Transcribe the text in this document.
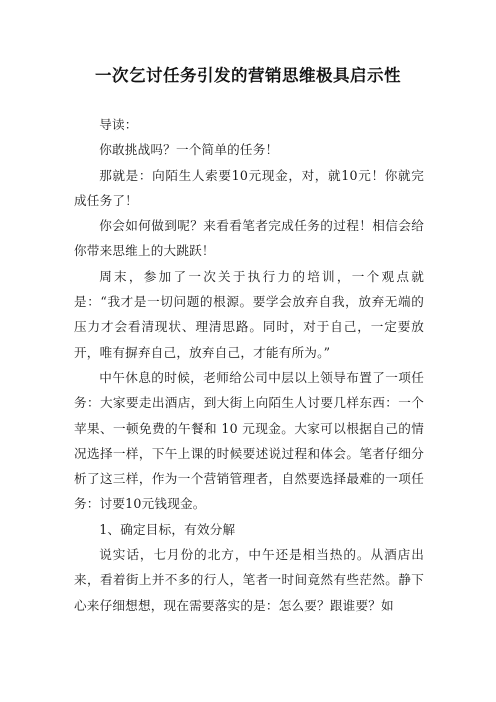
一次乞讨任务引发的营销思维极具启示性

导读：

你敢挑战吗？一个简单的任务！

那就是：向陌生人索要10元现金，对，就10元！你就完成任务了！

你会如何做到呢？来看看笔者完成任务的过程！相信会给你带来思维上的大跳跃！

周末，参加了一次关于执行力的培训，一个观点就是：“我才是一切问题的根源。要学会放弃自我，放弃无端的压力才会看清现状、理清思路。同时，对于自己，一定要放开，唯有摒弃自己，放弃自己，才能有所为。”

中午休息的时候，老师给公司中层以上领导布置了一项任务：大家要走出酒店，到大街上向陌生人讨要几样东西：一个苹果、一顿免费的午餐和 10 元现金。大家可以根据自己的情况选择一样，下午上课的时候要述说过程和体会。笔者仔细分析了这三样，作为一个营销管理者，自然要选择最难的一项任务：讨要10元钱现金。

1、确定目标，有效分解

说实话，七月份的北方，中午还是相当热的。从酒店出来，看着街上并不多的行人，笔者一时间竟然有些茫然。静下心来仔细想想，现在需要落实的是：怎么要？跟谁要？如
